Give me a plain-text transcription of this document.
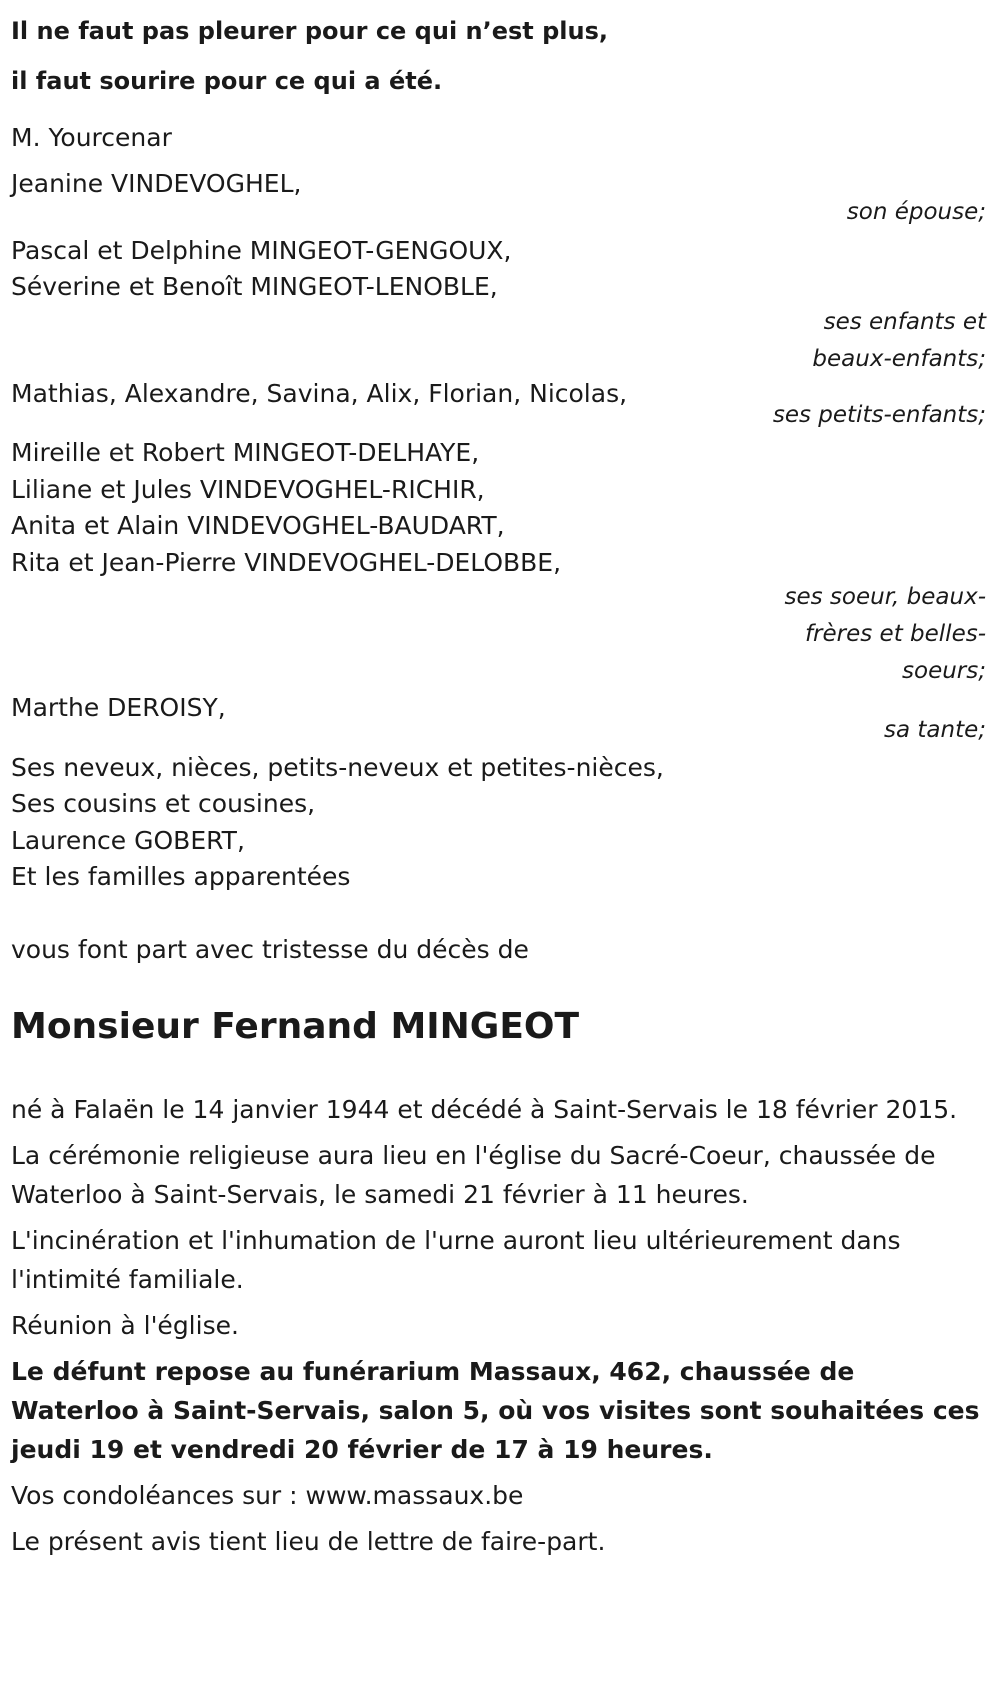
Il ne faut pas pleurer pour ce qui n’est plus,

il faut sourire pour ce qui a été.

M. Yourcenar
Jeanine VINDEVOGHEL,
son épouse;
Pascal et Delphine MINGEOT-GENGOUX,
Séverine et Benoît MINGEOT-LENOBLE,
ses enfants et
beaux-enfants;
Mathias, Alexandre, Savina, Alix, Florian, Nicolas,
ses petits-enfants;
Mireille et Robert MINGEOT-DELHAYE,
Liliane et Jules VINDEVOGHEL-RICHIR,
Anita et Alain VINDEVOGHEL-BAUDART,
Rita et Jean-Pierre VINDEVOGHEL-DELOBBE,
ses soeur, beaux-
frères et belles-
soeurs;
Marthe DEROISY,
sa tante;
Ses neveux, nièces, petits-neveux et petites-nièces,
Ses cousins et cousines,
Laurence GOBERT,
Et les familles apparentées
vous font part avec tristesse du décès de
Monsieur Fernand MINGEOT

né à Falaën le 14 janvier 1944 et décédé à Saint-Servais le 18 février 2015.

La cérémonie religieuse aura lieu en l'église du Sacré-Coeur, chaussée de Waterloo à Saint-Servais, le samedi 21 février à 11 heures.

L'incinération et l'inhumation de l'urne auront lieu ultérieurement dans l'intimité familiale.

Réunion à l'église.

Le défunt repose au funérarium Massaux, 462, chaussée de Waterloo à Saint-Servais, salon 5, où vos visites sont souhaitées ces jeudi 19 et vendredi 20 février de 17 à 19 heures.

Vos condoléances sur : www.massaux.be

Le présent avis tient lieu de lettre de faire-part.
